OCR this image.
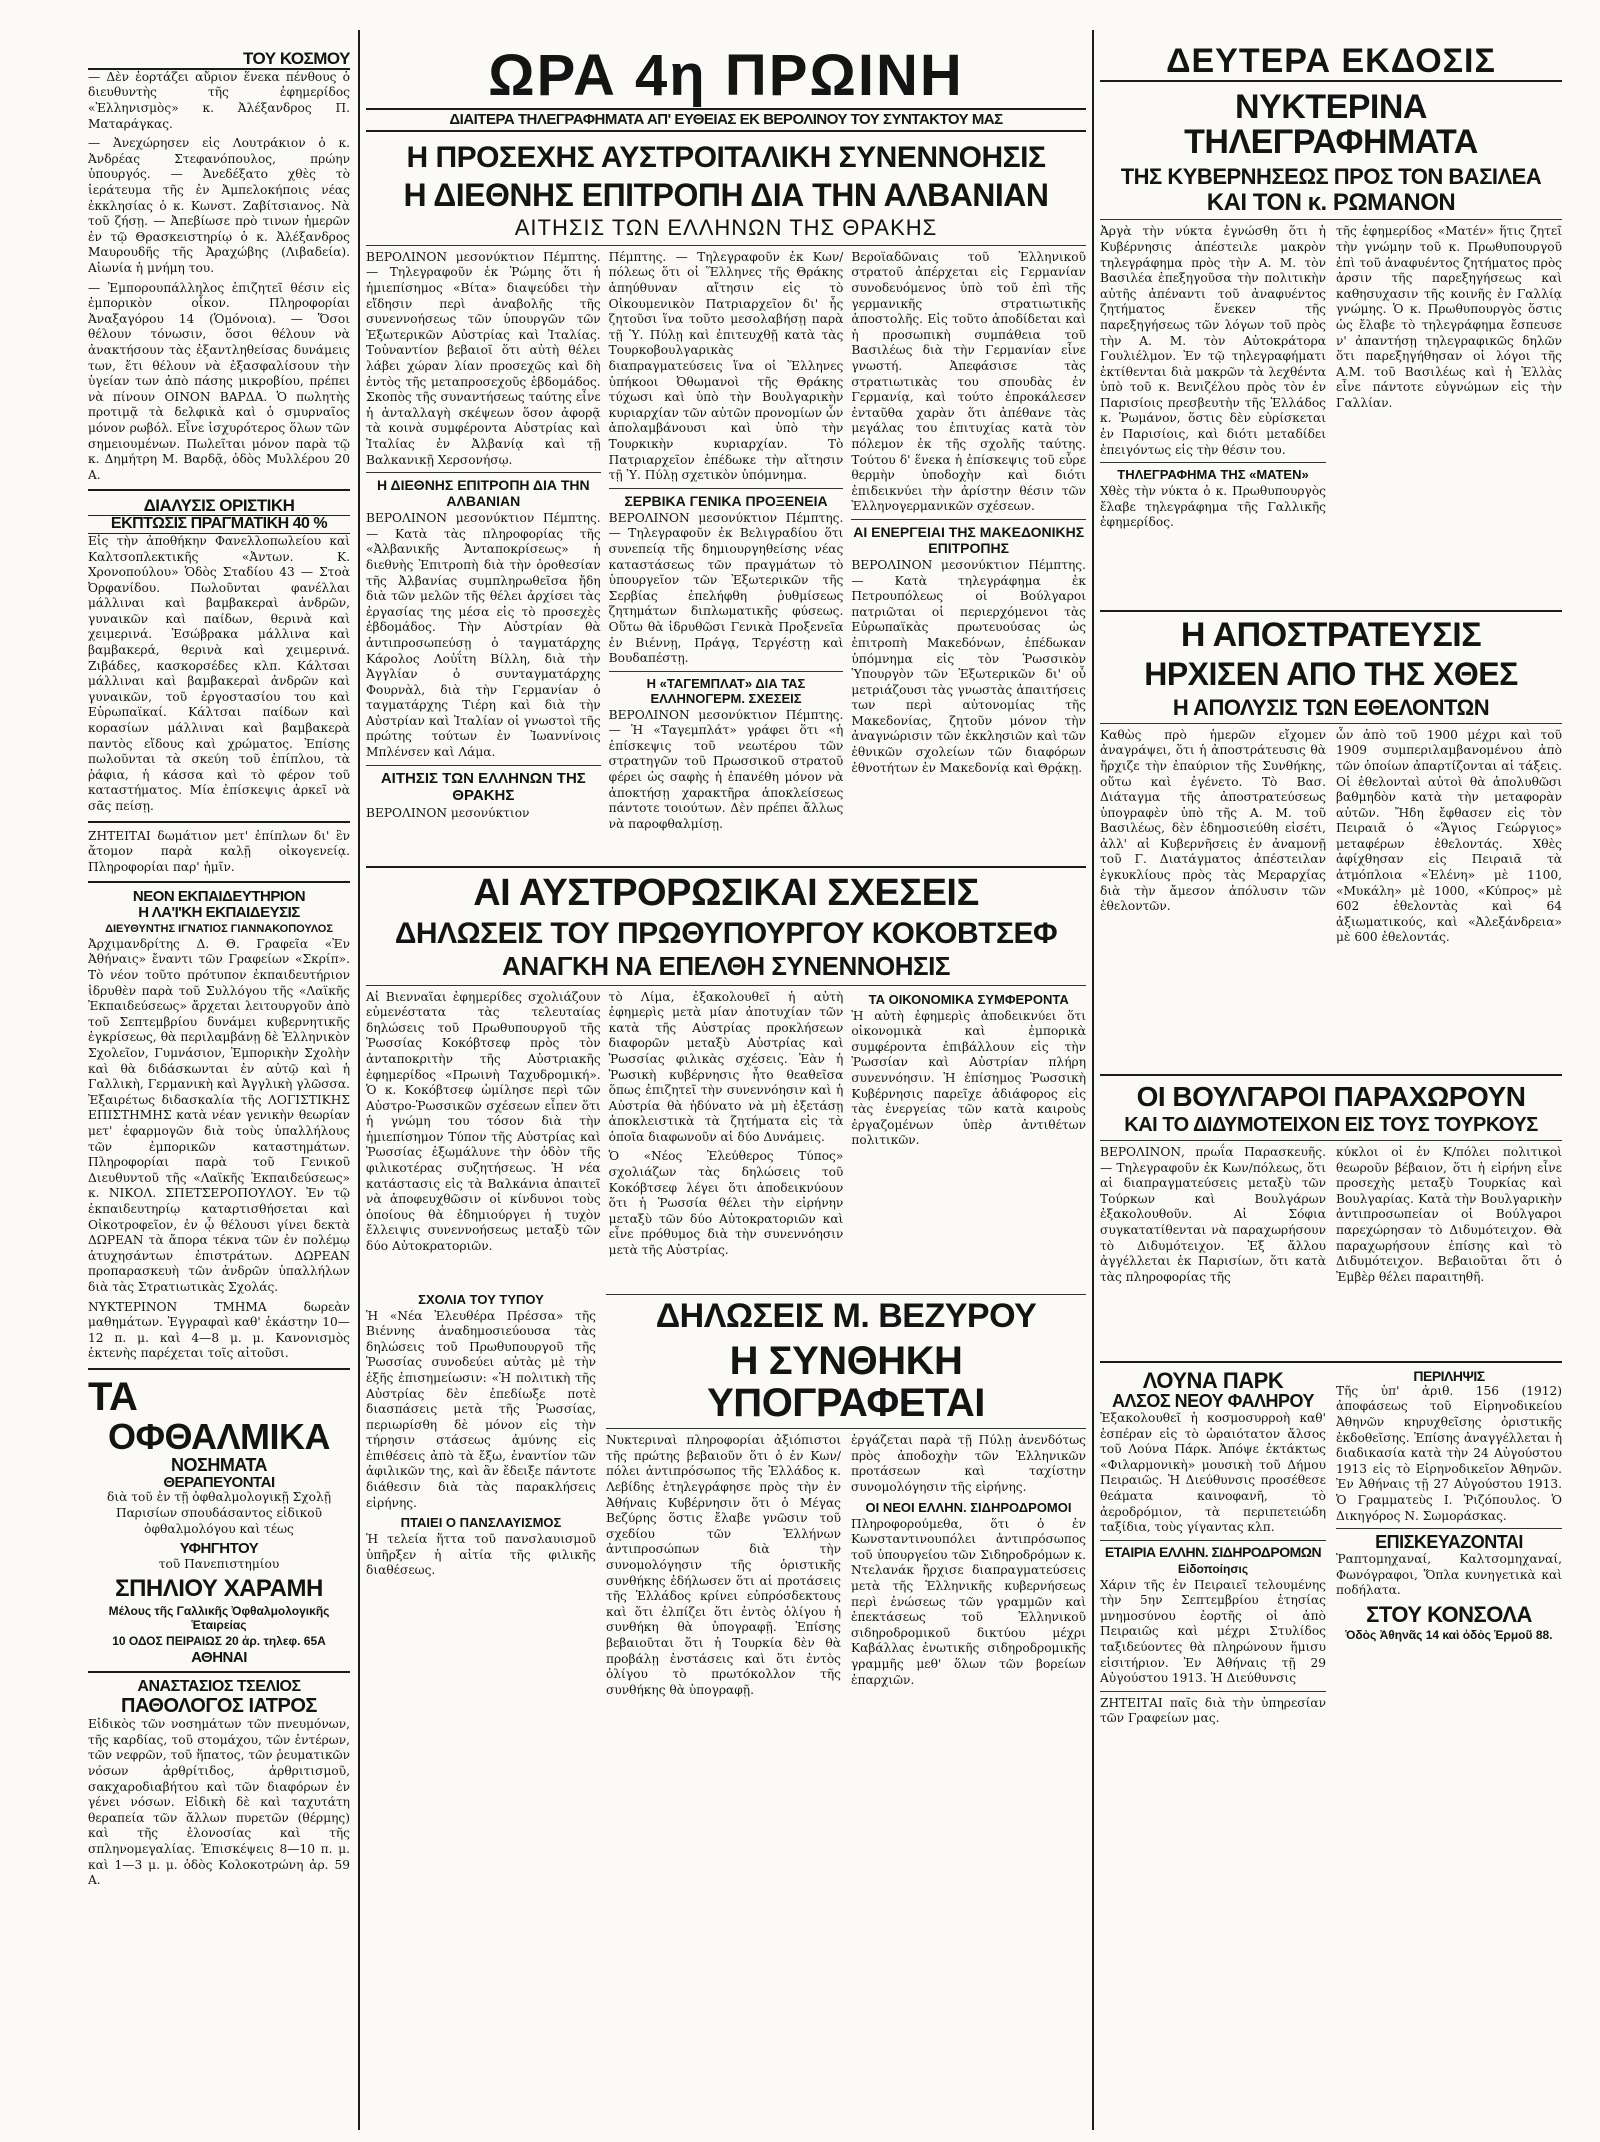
ΤΟΥ ΚΟΣΜΟΥ

— Δὲν ἑορτάζει αὔριον ἕνεκα πένθους ὁ διευθυντὴς τῆς ἐφημερίδος «Ἐλληνισμὸς» κ. Ἀλέξανδρος Π. Ματαράγκας.

— Ἀνεχώρησεν εἰς Λουτράκιον ὁ κ. Ἀνδρέας Στεφανόπουλος, πρώην ὑπουργός. — Ἀνεδέξατο χθὲς τὸ ἱεράτευμα τῆς ἐν Ἀμπελοκήποις νέας ἐκκλησίας ὁ κ. Κωνστ. Ζαβίτσιανος. Νὰ τοῦ ζήσῃ. — Ἀπεβίωσε πρὸ τινων ἡμερῶν ἐν τῷ Θρασκειστηρίῳ ὁ κ. Ἀλέξανδρος Μαυρουδῆς τῆς Ἀραχώβης (Λιβαδεία). Αἰωνία ἡ μνήμη του.

— Ἐμπορουπάλληλος ἐπιζητεῖ θέσιν εἰς ἐμπορικὸν οἶκον. Πληροφορίαι Ἀναξαγόρου 14 (Ὁμόνοια). — Ὅσοι θέλουν τόνωσιν, ὅσοι θέλουν νὰ ἀνακτήσουν τὰς ἐξαντληθείσας δυνάμεις των, ἔτι θέλουν νὰ ἐξασφαλίσουν τὴν ὑγείαν των ἀπὸ πάσης μικροβίου, πρέπει νὰ πίνουν ΟΙΝΟΝ ΒΑΡΔΑ. Ὁ πωλητὴς προτιμᾷ τὰ δελφικὰ καὶ ὁ σμυρναῖος μόνον ρωβόλ. Εἶνε ἰσχυρότερος ὅλων τῶν σημειουμένων. Πωλεῖται μόνον παρὰ τῷ κ. Δημήτρη Μ. Βαρδᾷ, ὁδὸς Μυλλέρου 20 Α.

ΔΙΑΛΥΣΙΣ ΟΡΙΣΤΙΚΗ
ΕΚΠΤΩΣΙΣ ΠΡΑΓΜΑΤΙΚΗ 40 %

Εἰς τὴν ἀποθήκην Φανελλοπωλείου καὶ Καλτσοπλεκτικῆς «Ἀντων. Κ. Χρονοπούλου» Ὁδὸς Σταδίου 43 — Στοὰ Ὀρφανίδου. Πωλοῦνται φανέλλαι μάλλιναι καὶ βαμβακεραὶ ἀνδρῶν, γυναικῶν καὶ παίδων, θερινὰ καὶ χειμερινά. Ἐσώβρακα μάλλινα καὶ βαμβακερά, θερινὰ καὶ χειμερινά. Ζιβάδες, κασκορσέδες κλπ. Κάλτσαι μάλλιναι καὶ βαμβακεραὶ ἀνδρῶν καὶ γυναικῶν, τοῦ ἐργοστασίου του καὶ Εὐρωπαϊκαί. Κάλτσαι παίδων καὶ κορασίων μάλλιναι καὶ βαμβακερὰ παντὸς εἴδους καὶ χρώματος. Ἐπίσης πωλοῦνται τὰ σκεύη τοῦ ἐπίπλου, τὰ ῥάφια, ἡ κάσσα καὶ τὸ φέρον τοῦ καταστήματος. Μία ἐπίσκεψις ἀρκεῖ νὰ σᾶς πείσῃ.

ΖΗΤΕΙΤΑΙ δωμάτιον μετ' ἐπίπλων δι' ἓν ἄτομον παρὰ καλῇ οἰκογενείᾳ. Πληροφορίαι παρ' ἡμῖν.

ΝΕΟΝ ΕΚΠΑΙΔΕΥΤΗΡΙΟΝ
Η ΛΑ'Ι'ΚΗ ΕΚΠΑΙΔΕΥΣΙΣ
ΔΙΕΥΘΥΝΤΗΣ ΙΓΝΑΤΙΟΣ ΓΙΑΝΝΑΚΟΠΟΥΛΟΣ

Ἀρχιμανδρίτης Δ. Θ. Γραφεῖα «Ἐν Ἀθήναις» ἔναντι τῶν Γραφείων «Σκρίπ». Τὸ νέον τοῦτο πρότυπον ἐκπαιδευτήριον ἱδρυθὲν παρὰ τοῦ Συλλόγου τῆς «Λαϊκῆς Ἐκπαιδεύσεως» ἄρχεται λειτουργοῦν ἀπὸ τοῦ Σεπτεμβρίου δυνάμει κυβερνητικῆς ἐγκρίσεως, θὰ περιλαμβάνῃ δὲ Ἑλληνικὸν Σχολεῖον, Γυμνάσιον, Ἐμπορικὴν Σχολὴν καὶ θὰ διδάσκωνται ἐν αὐτῷ καὶ ἡ Γαλλικὴ, Γερμανικὴ καὶ Ἀγγλικὴ γλῶσσα. Ἐξαιρέτως διδασκαλία τῆς ΛΟΓΙΣΤΙΚΗΣ ΕΠΙΣΤΗΜΗΣ κατὰ νέαν γενικὴν θεωρίαν μετ' ἐφαρμογῶν διὰ τοὺς ὑπαλλήλους τῶν ἐμπορικῶν καταστημάτων. Πληροφορίαι παρὰ τοῦ Γενικοῦ Διευθυντοῦ τῆς «Λαϊκῆς Ἐκπαιδεύσεως» κ. ΝΙΚΟΛ. ΣΠΕΤΣΕΡΟΠΟΥΛΟΥ. Ἐν τῷ ἐκπαιδευτηρίῳ καταρτισθήσεται καὶ Οἰκοτροφεῖον, ἐν ᾧ θέλουσι γίνει δεκτὰ ΔΩΡΕΑΝ τὰ ἄπορα τέκνα τῶν ἐν πολέμῳ ἀτυχησάντων ἐπιστράτων. ΔΩΡΕΑΝ προπαρασκευὴ τῶν ἀνδρῶν ὑπαλλήλων διὰ τὰς Στρατιωτικὰς Σχολάς.

ΝΥΚΤΕΡΙΝΟΝ ΤΜΗΜΑ δωρεὰν μαθημάτων. Ἐγγραφαὶ καθ' ἑκάστην 10—12 π. μ. καὶ 4—8 μ. μ. Κανονισμὸς ἐκτενὴς παρέχεται τοῖς αἰτοῦσι.

ΤΑ
ΟΦΘΑΛΜΙΚΑ
ΝΟΣΗΜΑΤΑ
ΘΕΡΑΠΕΥΟΝΤΑΙ

διὰ τοῦ ἐν τῇ ὀφθαλμολογικῇ Σχολῇ Παρισίων σπουδάσαντος εἰδικοῦ ὀφθαλμολόγου καὶ τέως

ΥΦΗΓΗΤΟΥ
τοῦ Πανεπιστημίου
ΣΠΗΛΙΟΥ ΧΑΡΑΜΗ
Μέλους τῆς Γαλλικῆς Ὀφθαλμολογικῆς Ἑταιρείας
10 ΟΔΟΣ ΠΕΙΡΑΙΩΣ 20 ἀρ. τηλεφ. 65Α
ΑΘΗΝΑΙ
ΑΝΑΣΤΑΣΙΟΣ ΤΣΕΛΙΟΣ
ΠΑΘΟΛΟΓΟΣ ΙΑΤΡΟΣ

Εἰδικὸς τῶν νοσημάτων τῶν πνευμόνων, τῆς καρδίας, τοῦ στομάχου, τῶν ἐντέρων, τῶν νεφρῶν, τοῦ ἥπατος, τῶν ῥευματικῶν νόσων ἀρθρίτιδος, ἀρθριτισμοῦ, σακχαροδιαβήτου καὶ τῶν διαφόρων ἐν γένει νόσων. Εἰδικὴ δὲ καὶ ταχυτάτη θεραπεία τῶν ἄλλων πυρετῶν (θέρμης) καὶ τῆς ἐλονοσίας καὶ τῆς σπληνομεγαλίας. Ἐπισκέψεις 8—10 π. μ. καὶ 1—3 μ. μ. ὁδὸς Κολοκοτρώνη ἀρ. 59 Α.

ΩΡΑ 4η ΠΡΩΙΝΗ
ΔΙΑΙΤΕΡΑ ΤΗΛΕΓΡΑΦΗΜΑΤΑ ΑΠ' ΕΥΘΕΙΑΣ ΕΚ ΒΕΡΟΛΙΝΟΥ ΤΟΥ ΣΥΝΤΑΚΤΟΥ ΜΑΣ
Η ΠΡΟΣΕΧΗΣ ΑΥΣΤΡΟΙΤΑΛΙΚΗ ΣΥΝΕΝΝΟΗΣΙΣ
Η ΔΙΕΘΝΗΣ ΕΠΙΤΡΟΠΗ ΔΙΑ ΤΗΝ ΑΛΒΑΝΙΑΝ
ΑΙΤΗΣΙΣ ΤΩΝ ΕΛΛΗΝΩΝ ΤΗΣ ΘΡΑΚΗΣ

ΒΕΡΟΛΙΝΟΝ μεσονύκτιον Πέμπτης. — Τηλεγραφοῦν ἐκ Ῥώμης ὅτι ἡ ἡμιεπίσημος «Βίτα» διαψεύδει τὴν εἴδησιν περὶ ἀναβολῆς τῆς συνεννοήσεως τῶν ὑπουργῶν τῶν Ἐξωτερικῶν Αὐστρίας καὶ Ἰταλίας. Τοὐναντίον βεβαιοῖ ὅτι αὐτὴ θέλει λάβει χώραν λίαν προσεχῶς καὶ δὴ ἐντὸς τῆς μεταπροσεχοῦς ἑβδομάδος. Σκοπὸς τῆς συναντήσεως ταύτης εἶνε ἡ ἀνταλλαγὴ σκέψεων ὅσον ἀφορᾷ τὰ κοινὰ συμφέροντα Αὐστρίας καὶ Ἰταλίας ἐν Ἀλβανίᾳ καὶ τῇ Βαλκανικῇ Χερσονήσῳ.

Η ΔΙΕΘΝΗΣ ΕΠΙΤΡΟΠΗ ΔΙΑ ΤΗΝ ΑΛΒΑΝΙΑΝ

ΒΕΡΟΛΙΝΟΝ μεσονύκτιον Πέμπτης. — Κατὰ τὰς πληροφορίας τῆς «Ἀλβανικῆς Ἀνταποκρίσεως» ἡ διεθνὴς Ἐπιτροπὴ διὰ τὴν ὀροθεσίαν τῆς Ἀλβανίας συμπληρωθεῖσα ἤδη διὰ τῶν μελῶν τῆς θέλει ἀρχίσει τὰς ἐργασίας της μέσα εἰς τὸ προσεχὲς ἑβδομάδος. Τὴν Αὐστρίαν θὰ ἀντιπροσωπεύσῃ ὁ ταγματάρχης Κάρολος Λοὐΐτη Βίλλη, διὰ τὴν Ἀγγλίαν ὁ συνταγματάρχης Φουρνὰλ, διὰ τὴν Γερμανίαν ὁ ταγματάρχης Τιέρη καὶ διὰ τὴν Αὐστρίαν καὶ Ἰταλίαν οἱ γνωστοὶ τῆς πρώτης τούτων ἐν Ἰωαννίνοις Μπλένσεν καὶ Λάμα.

ΑΙΤΗΣΙΣ ΤΩΝ ΕΛΛΗΝΩΝ ΤΗΣ ΘΡΑΚΗΣ

ΒΕΡΟΛΙΝΟΝ μεσονύκτιον

Πέμπτης. — Τηλεγραφοῦν ἐκ Κων/πόλεως ὅτι οἱ Ἕλληνες τῆς Θράκης ἀπηύθυναν αἴτησιν εἰς τὸ Οἰκουμενικὸν Πατριαρχεῖον δι' ἧς ζητοῦσι ἵνα τοῦτο μεσολαβήσῃ παρὰ τῇ Ὑ. Πύλῃ καὶ ἐπιτευχθῇ κατὰ τὰς Τουρκοβουλγαρικὰς διαπραγματεύσεις ἵνα οἱ Ἕλληνες ὑπήκοοι Ὀθωμανοὶ τῆς Θράκης τύχωσι καὶ ὑπὸ τὴν Βουλγαρικὴν κυριαρχίαν τῶν αὐτῶν προνομίων ὧν ἀπολαμβάνουσι καὶ ὑπὸ τὴν Τουρκικὴν κυριαρχίαν. Τὸ Πατριαρχεῖον ἐπέδωκε τὴν αἴτησιν τῇ Ὑ. Πύλῃ σχετικὸν ὑπόμνημα.

ΣΕΡΒΙΚΑ ΓΕΝΙΚΑ ΠΡΟΞΕΝΕΙΑ

ΒΕΡΟΛΙΝΟΝ μεσονύκτιον Πέμπτης. — Τηλεγραφοῦν ἐκ Βελιγραδίου ὅτι συνεπείᾳ τῆς δημιουργηθείσης νέας καταστάσεως τῶν πραγμάτων τὸ ὑπουργεῖον τῶν Ἐξωτερικῶν τῆς Σερβίας ἐπελήφθη ῥυθμίσεως ζητημάτων διπλωματικῆς φύσεως. Οὕτω θὰ ἱδρυθῶσι Γενικὰ Προξενεῖα ἐν Βιέννῃ, Πράγᾳ, Τεργέστῃ καὶ Βουδαπέστῃ.

Η «ΤΑΓΕΜΠΛΑΤ» ΔΙΑ ΤΑΣ ΕΛΛΗΝΟΓΕΡΜ. ΣΧΕΣΕΙΣ

ΒΕΡΟΛΙΝΟΝ μεσονύκτιον Πέμπτης. — Ἡ «Ταγεμπλάτ» γράφει ὅτι «ἡ ἐπίσκεψις τοῦ νεωτέρου τῶν στρατηγῶν τοῦ Πρωσσικοῦ στρατοῦ φέρει ὡς σαφὴς ἡ ἐπανέθη μόνον νὰ ἀποκτήσῃ χαρακτῆρα ἀποκλείσεως πάντοτε τοιούτων. Δὲν πρέπει ἄλλως νὰ παροφθαλμίσῃ.

Βεροϊαδῶναις τοῦ Ἑλληνικοῦ στρατοῦ ἀπέρχεται εἰς Γερμανίαν συνοδευόμενος ὑπὸ τοῦ ἐπὶ τῆς γερμανικῆς στρατιωτικῆς ἀποστολῆς. Εἰς τοῦτο ἀποδίδεται καὶ ἡ προσωπικὴ συμπάθεια τοῦ Βασιλέως διὰ τὴν Γερμανίαν εἶνε γνωστή. Ἀπεφάσισε τὰς στρατιωτικὰς του σπουδὰς ἐν Γερμανίᾳ, καὶ τούτο ἐπροκάλεσεν ἐνταῦθα χαρὰν ὅτι ἀπέθανε τὰς μεγάλας του ἐπιτυχίας κατὰ τὸν πόλεμον ἐκ τῆς σχολῆς ταύτης. Τούτου δ' ἕνεκα ἡ ἐπίσκεψις τοῦ εὖρε θερμὴν ὑποδοχὴν καὶ διότι ἐπιδεικνύει τὴν ἀρίστην θέσιν τῶν Ἑλληνογερμανικῶν σχέσεων.

ΑΙ ΕΝΕΡΓΕΙΑΙ ΤΗΣ ΜΑΚΕΔΟΝΙΚΗΣ ΕΠΙΤΡΟΠΗΣ

ΒΕΡΟΛΙΝΟΝ μεσονύκτιον Πέμπτης. — Κατὰ τηλεγράφημα ἐκ Πετρουπόλεως οἱ Βούλγαροι πατριῶται οἱ περιερχόμενοι τὰς Εὐρωπαϊκὰς πρωτευούσας ὡς ἐπιτροπὴ Μακεδόνων, ἐπέδωκαν ὑπόμνημα εἰς τὸν Ῥωσσικὸν Ὑπουργὸν τῶν Ἐξωτερικῶν δι' οὗ μετριάζουσι τὰς γνωστὰς ἀπαιτήσεις των περὶ αὐτονομίας τῆς Μακεδονίας, ζητοῦν μόνον τὴν ἀναγνώρισιν τῶν ἐκκλησιῶν καὶ τῶν ἐθνικῶν σχολείων τῶν διαφόρων ἐθνοτήτων ἐν Μακεδονίᾳ καὶ Θρᾴκῃ.

ΑΙ ΑΥΣΤΡΟΡΩΣΙΚΑΙ ΣΧΕΣΕΙΣ
ΔΗΛΩΣΕΙΣ ΤΟΥ ΠΡΩΘΥΠΟΥΡΓΟΥ ΚΟΚΟΒΤΣΕΦ
ΑΝΑΓΚΗ ΝΑ ΕΠΕΛΘΗ ΣΥΝΕΝΝΟΗΣΙΣ

Αἱ Βιενναῖαι ἐφημερίδες σχολιάζουν εὐμενέστατα τὰς τελευταίας δηλώσεις τοῦ Πρωθυπουργοῦ τῆς Ῥωσσίας Κοκόβτσεφ πρὸς τὸν ἀνταποκριτὴν τῆς Αὐστριακῆς ἐφημερίδος «Πρωινὴ Ταχυδρομική». Ὁ κ. Κοκόβτσεφ ὡμίλησε περὶ τῶν Αὐστρο-Ῥωσσικῶν σχέσεων εἶπεν ὅτι ἡ γνώμη του τόσον διὰ τὴν ἡμιεπίσημον Τύπον τῆς Αὐστρίας καὶ Ῥωσσίας ἐξωμάλυνε τὴν ὁδὸν τῆς φιλικοτέρας συζητήσεως. Ἡ νέα κατάστασις εἰς τὰ Βαλκάνια ἀπαιτεῖ νὰ ἀποφευχθῶσιν οἱ κίνδυνοι τοὺς ὁποίους θὰ ἐδημιούργει ἡ τυχὸν ἔλλειψις συνεννοήσεως μεταξὺ τῶν δύο Αὐτοκρατοριῶν.

τὸ Λίμα, ἐξακολουθεῖ ἡ αὐτὴ ἐφημερὶς μετὰ μίαν ἀποτυχίαν τῶν κατὰ τῆς Αὐστρίας προκλήσεων διαφορῶν μεταξὺ Αὐστρίας καὶ Ῥωσσίας φιλικὰς σχέσεις. Ἐὰν ἡ Ῥωσικὴ κυβέρνησις ἦτο θεαθεῖσα ὅπως ἐπιζητεῖ τὴν συνεννόησιν καὶ ἡ Αὐστρία θὰ ἠδύνατο νὰ μὴ ἐξετάσῃ ἀποκλειστικὰ τὰ ζητήματα εἰς τὰ ὁποῖα διαφωνοῦν αἱ δύο Δυνάμεις.

Ὁ «Νέος Ἐλεύθερος Τύπος» σχολιάζων τὰς δηλώσεις τοῦ Κοκόβτσεφ λέγει ὅτι ἀποδεικνύουν ὅτι ἡ Ῥωσσία θέλει τὴν εἰρήνην μεταξὺ τῶν δύο Αὐτοκρατοριῶν καὶ εἶνε πρόθυμος διὰ τὴν συνεννόησιν μετὰ τῆς Αὐστρίας.

ΤΑ ΟΙΚΟΝΟΜΙΚΑ ΣΥΜΦΕΡΟΝΤΑ

Ἡ αὐτὴ ἐφημερὶς ἀποδεικνύει ὅτι οἰκονομικὰ καὶ ἐμπορικὰ συμφέροντα ἐπιβάλλουν εἰς τὴν Ῥωσσίαν καὶ Αὐστρίαν πλήρη συνεννόησιν. Ἡ ἐπίσημος Ῥωσσικὴ Κυβέρνησις παρεῖχε ἀδιάφορος εἰς τὰς ἐνεργείας τῶν κατὰ καιροὺς ἐργαζομένων ὑπὲρ ἀντιθέτων πολιτικῶν.

ΣΧΟΛΙΑ ΤΟΥ ΤΥΠΟΥ

Ἡ «Νέα Ἐλευθέρα Πρέσσα» τῆς Βιέννης ἀναδημοσιεύουσα τὰς δηλώσεις τοῦ Πρωθυπουργοῦ τῆς Ῥωσσίας συνοδεύει αὐτὰς μὲ τὴν ἑξῆς ἐπισημείωσιν: «Ἡ πολιτικὴ τῆς Αὐστρίας δὲν ἐπεδίωξε ποτὲ διασπάσεις μετὰ τῆς Ῥωσσίας, περιωρίσθη δὲ μόνον εἰς τὴν τήρησιν στάσεως ἀμύνης εἰς ἐπιθέσεις ἀπὸ τὰ ἔξω, ἐναντίον τῶν ἀφιλικῶν της, καὶ ἂν ἔδειξε πάντοτε διάθεσιν διὰ τὰς παρακλήσεις εἰρήνης.

ΠΤΑΙΕΙ Ο ΠΑΝΣΛΑΥΙΣΜΟΣ

Ἡ τελεία ἥττα τοῦ πανσλαυισμοῦ ὑπῆρξεν ἡ αἰτία τῆς φιλικῆς διαθέσεως.

ΔΗΛΩΣΕΙΣ Μ. ΒΕΖΥΡΟΥ
Η ΣΥΝΘΗΚΗ ΥΠΟΓΡΑΦΕΤΑΙ

Νυκτεριναὶ πληροφορίαι ἀξιόπιστοι τῆς πρώτης βεβαιοῦν ὅτι ὁ ἐν Κων/πόλει ἀντιπρόσωπος τῆς Ἑλλάδος κ. Λεβίδης ἐτηλεγράφησε πρὸς τὴν ἐν Ἀθήναις Κυβέρνησιν ὅτι ὁ Μέγας Βεζύρης ὅστις ἔλαβε γνῶσιν τοῦ σχεδίου τῶν Ἑλλήνων ἀντιπροσώπων διὰ τὴν συνομολόγησιν τῆς ὁριστικῆς συνθήκης ἐδήλωσεν ὅτι αἱ προτάσεις τῆς Ἑλλάδος κρίνει εὐπρόσδεκτους καὶ ὅτι ἐλπίζει ὅτι ἐντὸς ὀλίγου ἡ συνθήκη θὰ ὑπογραφῇ. Ἐπίσης βεβαιοῦται ὅτι ἡ Τουρκία δὲν θὰ προβάλῃ ἐνστάσεις καὶ ὅτι ἐντὸς ὀλίγου τὸ πρωτόκολλον τῆς συνθήκης θὰ ὑπογραφῇ.

ἐργάζεται παρὰ τῇ Πύλῃ ἀνενδότως πρὸς ἀποδοχὴν τῶν Ἑλληνικῶν προτάσεων καὶ ταχίστην συνομολόγησιν τῆς εἰρήνης.

ΟΙ ΝΕΟΙ ΕΛΛΗΝ. ΣΙΔΗΡΟΔΡΟΜΟΙ

Πληροφορούμεθα, ὅτι ὁ ἐν Κωνσταντινουπόλει ἀντιπρόσωπος τοῦ ὑπουργείου τῶν Σιδηροδρόμων κ. Ντελανάκ ἤρχισε διαπραγματεύσεις μετὰ τῆς Ἑλληνικῆς κυβερνήσεως περὶ ἐνώσεως τῶν γραμμῶν καὶ ἐπεκτάσεως τοῦ Ἑλληνικοῦ σιδηροδρομικοῦ δικτύου μέχρι Καβάλλας ἐνωτικῆς σιδηροδρομικῆς γραμμῆς μεθ' ὅλων τῶν βορείων ἐπαρχιῶν.

ΔΕΥΤΕΡΑ ΕΚΔΟΣΙΣ
ΝΥΚΤΕΡΙΝΑ ΤΗΛΕΓΡΑΦΗΜΑΤΑ
ΤΗΣ ΚΥΒΕΡΝΗΣΕΩΣ ΠΡΟΣ ΤΟΝ ΒΑΣΙΛΕΑ
ΚΑΙ ΤΟΝ κ. ΡΩΜΑΝΟΝ

Ἀργὰ τὴν νύκτα ἐγνώσθη ὅτι ἡ Κυβέρνησις ἀπέστειλε μακρὸν τηλεγράφημα πρὸς τὴν Α. Μ. τὸν Βασιλέα ἐπεξηγοῦσα τὴν πολιτικὴν αὐτῆς ἀπέναντι τοῦ ἀναφυέντος ζητήματος ἕνεκεν τῆς παρεξηγήσεως τῶν λόγων τοῦ πρὸς τὴν Α. Μ. τὸν Αὐτοκράτορα Γουλιέλμον. Ἐν τῷ τηλεγραφήματι ἐκτίθενται διὰ μακρῶν τὰ λεχθέντα ὑπὸ τοῦ κ. Βενιζέλου πρὸς τὸν ἐν Παρισίοις πρεσβευτὴν τῆς Ἑλλάδος κ. Ῥωμάνον, ὅστις δὲν εὑρίσκεται ἐν Παρισίοις, καὶ διότι μεταδίδει ἐπειγόντως εἰς τὴν θέσιν του.

ΤΗΛΕΓΡΑΦΗΜΑ ΤΗΣ «ΜΑΤΕΝ»

Χθὲς τὴν νύκτα ὁ κ. Πρωθυπουργὸς ἔλαβε τηλεγράφημα τῆς Γαλλικῆς ἐφημερίδος.

τῆς ἐφημερίδος «Ματέν» ἥτις ζητεῖ τὴν γνώμην τοῦ κ. Πρωθυπουργοῦ ἐπὶ τοῦ ἀναφυέντος ζητήματος πρὸς ἀρσιν τῆς παρεξηγήσεως καὶ καθησυχασιν τῆς κοινῆς ἐν Γαλλίᾳ γνώμης. Ὁ κ. Πρωθυπουργὸς ὅστις ὡς ἔλαβε τὸ τηλεγράφημα ἔσπευσε ν' ἀπαντήσῃ τηλεγραφικῶς δηλῶν ὅτι παρεξηγήθησαν οἱ λόγοι τῆς Α.Μ. τοῦ Βασιλέως καὶ ἡ Ἑλλὰς εἶνε πάντοτε εὐγνώμων εἰς τὴν Γαλλίαν.

Η ΑΠΟΣΤΡΑΤΕΥΣΙΣ
ΗΡΧΙΣΕΝ ΑΠΟ ΤΗΣ ΧΘΕΣ
Η ΑΠΟΛΥΣΙΣ ΤΩΝ ΕΘΕΛΟΝΤΩΝ

Καθὼς πρὸ ἡμερῶν εἴχομεν ἀναγράψει, ὅτι ἡ ἀποστράτευσις θὰ ἤρχιζε τὴν ἐπαύριον τῆς Συνθήκης, οὕτω καὶ ἐγένετο. Τὸ Βασ. Διάταγμα τῆς ἀποστρατεύσεως ὑπογραφὲν ὑπὸ τῆς Α. Μ. τοῦ Βασιλέως, δὲν ἐδημοσιεύθη εἰσέτι, ἀλλ' αἱ Κυβερνῆσεις ἐν ἀναμονῇ τοῦ Γ. Διατάγματος ἀπέστειλαν ἐγκυκλίους πρὸς τὰς Μεραρχίας διὰ τὴν ἄμεσον ἀπόλυσιν τῶν ἐθελοντῶν.

ὧν ἀπὸ τοῦ 1900 μέχρι καὶ τοῦ 1909 συμπεριλαμβανομένου ἀπὸ τῶν ὁποίων ἀπαρτίζονται αἱ τάξεις. Οἱ ἐθελονταὶ αὐτοὶ θὰ ἀπολυθῶσι βαθμηδὸν κατὰ τὴν μεταφορὰν αὐτῶν. Ἤδη ἔφθασεν εἰς τὸν Πειραιᾶ ὁ «Ἅγιος Γεώργιος» μεταφέρων ἐθελοντάς. Χθὲς ἀφίχθησαν εἰς Πειραιᾶ τὰ ἀτμόπλοια «Ἑλένη» μὲ 1100, «Μυκάλη» μὲ 1000, «Κύπρος» μὲ 602 ἐθελοντὰς καὶ 64 ἀξιωματικούς, καὶ «Ἀλεξάνδρεια» μὲ 600 ἐθελοντάς.

ΟΙ ΒΟΥΛΓΑΡΟΙ ΠΑΡΑΧΩΡΟΥΝ
ΚΑΙ ΤΟ ΔΙΔΥΜΟΤΕΙΧΟΝ ΕΙΣ ΤΟΥΣ ΤΟΥΡΚΟΥΣ

ΒΕΡΟΛΙΝΟΝ, πρωΐα Παρασκευῆς. — Τηλεγραφοῦν ἐκ Κων/πόλεως, ὅτι αἱ διαπραγματεύσεις μεταξὺ τῶν Τούρκων καὶ Βουλγάρων ἐξακολουθοῦν. Αἱ Σόφια συγκατατίθενται νὰ παραχωρήσουν τὸ Διδυμότειχον. Ἐξ ἄλλου ἀγγέλλεται ἐκ Παρισίων, ὅτι κατὰ τὰς πληροφορίας τῆς

κύκλοι οἱ ἐν Κ/πόλει πολιτικοὶ θεωροῦν βέβαιον, ὅτι ἡ εἰρήνη εἶνε προσεχὴς μεταξὺ Τουρκίας καὶ Βουλγαρίας. Κατὰ τὴν Βουλγαρικὴν ἀντιπροσωπείαν οἱ Βούλγαροι παρεχώρησαν τὸ Διδυμότειχον. Θὰ παραχωρήσουν ἐπίσης καὶ τὸ Διδυμότειχον. Βεβαιοῦται ὅτι ὁ Ἐμβὲρ θέλει παραιτηθῆ.

ΛΟΥΝΑ ΠΑΡΚ
ΑΛΣΟΣ ΝΕΟΥ ΦΑΛΗΡΟΥ

Ἐξακολουθεῖ ἡ κοσμοσυρροὴ καθ' ἑσπέραν εἰς τὸ ὡραιότατον ἄλσος τοῦ Λούνα Πάρκ. Ἀπόψε ἐκτάκτως «Φιλαρμονικὴ» μουσικὴ τοῦ Δήμου Πειραιῶς. Ἡ Διεύθυνσις προσέθεσε θεάματα καινοφανῆ, τὸ ἀεροδρόμιον, τὰ περιπετειώδη ταξίδια, τοὺς γίγαντας κλπ.

ΕΤΑΙΡΙΑ ΕΛΛΗΝ. ΣΙΔΗΡΟΔΡΟΜΩΝ
Εἰδοποίησις

Χάριν τῆς ἐν Πειραιεῖ τελουμένης τὴν 5ην Σεπτεμβρίου ἐτησίας μνημοσύνου ἑορτῆς οἱ ἀπὸ Πειραιῶς καὶ μέχρι Στυλίδος ταξιδεύοντες θὰ πληρώνουν ἥμισυ εἰσιτήριον. Ἐν Ἀθήναις τῇ 29 Αὐγούστου 1913. Ἡ Διεύθυνσις

ΖΗΤΕΙΤΑΙ παῖς διὰ τὴν ὑπηρεσίαν τῶν Γραφείων μας.

ΠΕΡΙΛΗΨΙΣ

Τῆς ὑπ' ἀριθ. 156 (1912) ἀποφάσεως τοῦ Εἰρηνοδικείου Ἀθηνῶν κηρυχθεῖσης ὀριστικῆς ἐκδοθεῖσης. Ἐπίσης ἀναγγέλλεται ἡ διαδικασία κατὰ τὴν 24 Αὐγούστου 1913 εἰς τὸ Εἰρηνοδικεῖον Ἀθηνῶν. Ἐν Ἀθήναις τῇ 27 Αὐγούστου 1913. Ὁ Γραμματεὺς Ι. Ῥιζόπουλος. Ὁ Δικηγόρος Ν. Σωμοράσκας.

ΕΠΙΣΚΕΥΑΖΟΝΤΑΙ

Ῥαπτομηχαναί, Καλτσομηχαναί, Φωνόγραφοι, Ὅπλα κυνηγετικὰ καὶ ποδήλατα.

ΣΤΟΥ ΚΟΝΣΟΛΑ
Ὁδὸς Ἀθηνᾶς 14 καὶ ὁδὸς Ἑρμοῦ 88.
